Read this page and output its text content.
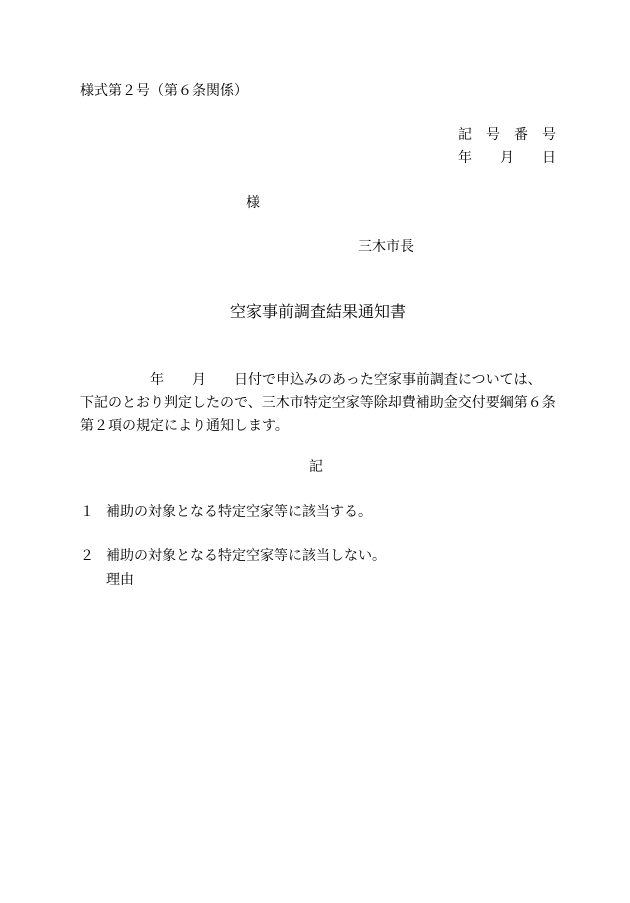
様式第２号（第６条関係）
記　号　番　号
年　　月　　日
様
三木市長
空家事前調査結果通知書
　　　　　年　　月　　日付で申込みのあった空家事前調査については、
下記のとおり判定したので、三木市特定空家等除却費補助金交付要綱第６条
第２項の規定により通知します。
記
１ 補助の対象となる特定空家等に該当する。
２ 補助の対象となる特定空家等に該当しない。
理由
